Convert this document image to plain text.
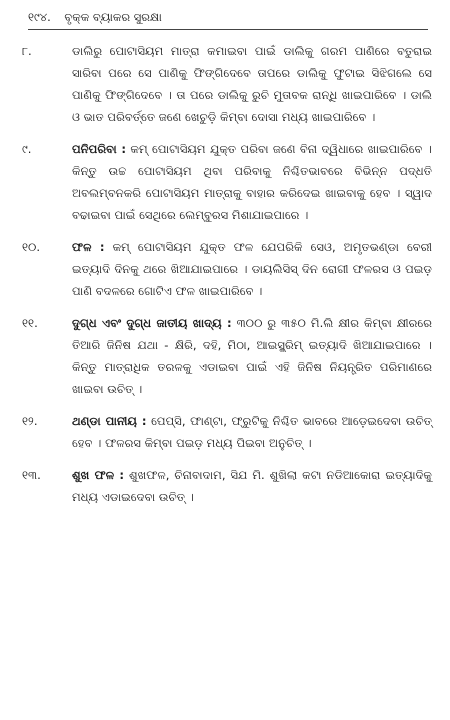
୧୯୪. ବୃକ୍କ ବ୍ୟାକର ସୁରକ୍ଷା
୮.	ଡାଲିରୁ ପୋଟାସିୟମ ମାତ୍ରା କମାଇବା ପାଇଁ ଡାଲିକୁ ଗରମ ପାଣିରେ ବତୁରାଇ ସାରିବା ପରେ ସେ ପାଣିକୁ ଫିଙ୍ଗିଦେବେ ତାପରେ ଡାଲିକୁ ଫୁଟାଇ ସିଝିଗଲେ ସେ ପାଣିକୁ ଫିଙ୍ଗିଦେବେ । ତା ପରେ ଡାଲିକୁ ରୁଚି ମୁତାବକ ରାନ୍ଧି ଖାଇପାରିବେ । ଡାଲି ଓ ଭାତ ପରିବର୍ତ୍ତେ ଜଣେ ଖେଚୁଡ଼ି କିମ୍ବା ଦୋସା ମଧ୍ୟ ଖାଇପାରିବେ ।
୯.	ପନିପରିବା : କମ୍ ପୋଟାସିୟମ ଯୁକ୍ତ ପରିବା ଜଣେ ବିନା ଦ୍ୱିଧାରେ ଖାଇପାରିବେ । କିନ୍ତୁ ଉଚ୍ଚ ପୋଟାସିୟମ ଥିବା ପରିବାକୁ ନିଶ୍ଚିତଭାବରେ ବିଭିନ୍ନ ପଦ୍ଧତି ଅବଲମ୍ବନକରି ପୋଟାସିୟମ ମାତ୍ରାକୁ ବାହାର କରିଦେଇ ଖାଇବାକୁ ହେବ । ସ୍ୱାଦ ବଢାଇବା ପାଇଁ ସେଥିରେ ଲେମ୍ବୁରସ ମିଶାଯାଇପାରେ ।
୧୦.	ଫଳ : କମ୍ ପୋଟାସିୟମ ଯୁକ୍ତ ଫଳ ଯେପରିକି ସେଓ, ଅମୃତଭଣ୍ଡା ବେରୀ ଇତ୍ୟାଦି ଦିନକୁ ଥରେ ଖିଆଯାଇପାରେ । ଡାୟଲିସିସ୍ ଦିନ ରୋଗୀ ଫଳରସ ଓ ପଇଡ଼ ପାଣି ବଦଳରେ ଗୋଟିଏ ଫଳ ଖାଇପାରିବେ ।
୧୧.	ଦୁଗ୍ଧ ଏବଂ ଦୁଗ୍ଧ ଜାତୀୟ ଖାଦ୍ୟ : ୩୦୦ ରୁ ୩୫୦ ମି.ଲି କ୍ଷୀର କିମ୍ବା କ୍ଷୀରରେ ତିଆରି ଜିନିଷ ଯଥା - କ୍ଷିରି, ଦହି, ମିଠା, ଆଇସ୍କ୍ରିମ୍ ଇତ୍ୟାଦି ଖିଆଯାଇପାରେ । କିନ୍ତୁ ମାତ୍ରାଧିକ ତରଳକୁ ଏଡାଇବା ପାଇଁ ଏହି ଜିନିଷ ନିୟନ୍ତ୍ରିତ ପରିମାଣରେ ଖାଇବା ଉଚିତ୍ ।
୧୨.	ଥଣ୍ଡା ପାନୀୟ : ପେପ୍ସି, ଫାଣ୍ଟା, ଫ୍ରୁଟିକୁ ନିଶ୍ଚିତ ଭାବରେ ଆଡ଼େଇଦେବା ଉଚିତ୍ ହେବ । ଫଳରସ କିମ୍ବା ପଇଡ଼ ମଧ୍ୟ ପିଇବା ଅନୁଚିତ୍ ।
୧୩.	ଶୁଖ ଫଳ : ଶୁଖଫଳ, ଚିନାବାଦାମ, ସିଯ ମି. ଶୁଖିଲା କଟା ନଡିଆକୋରା ଇତ୍ୟାଦିକୁ ମଧ୍ୟ ଏଡାଇଦେବା ଉଚିତ୍ ।
